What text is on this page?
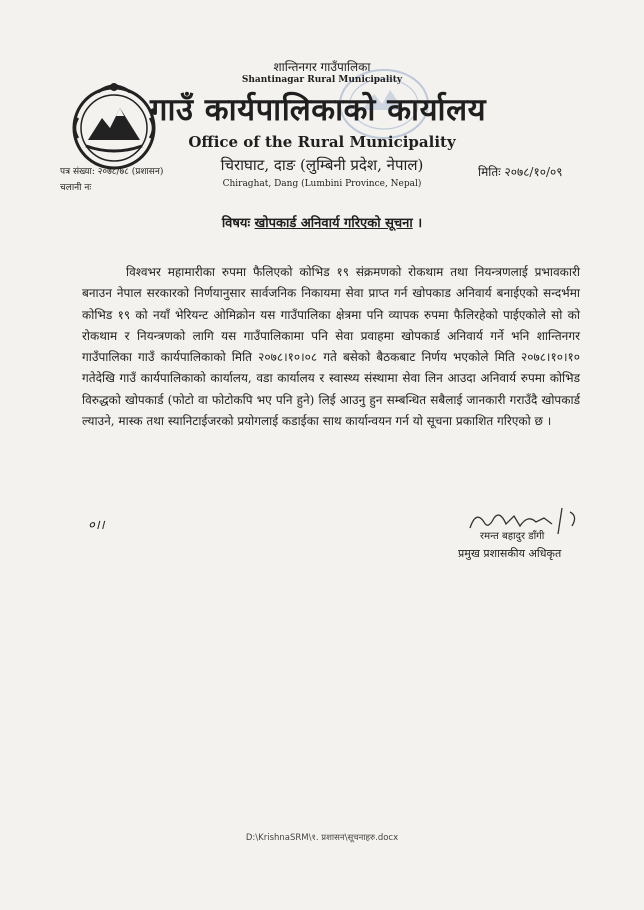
शान्तिनगर गाउँपालिका
Shantinagar Rural Municipality
गाउँ कार्यपालिकाको कार्यालय
Office of the Rural Municipality
चिराघाट, दाङ (लुम्बिनी प्रदेश, नेपाल)
Chiraghat, Dang (Lumbini Province, Nepal)
पत्र संख्या: २०७८/७८ (प्रशासन)
चलानी नः
मितिः २०७८/१०/०९
विषयः खोपकार्ड अनिवार्य गरिएको सूचना ।

विश्वभर महामारीका रुपमा फैलिएको कोभिड १९ संक्रमणको रोकथाम तथा नियन्त्रणलाई प्रभावकारी बनाउन नेपाल सरकारको निर्णयानुसार सार्वजनिक निकायमा सेवा प्राप्त गर्न खोपकाड अनिवार्य बनाईएको सन्दर्भमा कोभिड १९ को नयाँ भेरियन्ट ओमिक्रोन यस गाउँपालिका क्षेत्रमा पनि व्यापक रुपमा फैलिरहेको पाईएकोले सो को रोकथाम र नियन्त्रणको लागि यस गाउँपालिकामा पनि सेवा प्रवाहमा खोपकार्ड अनिवार्य गर्ने भनि शान्तिनगर गाउँपालिका गाउँ कार्यपालिकाको मिति २०७८।१०।०८ गते बसेको बैठकबाट निर्णय भएकोले मिति २०७८।१०।१० गतेदेखि गाउँ कार्यपालिकाको कार्यालय, वडा कार्यालय र स्वास्थ्य संस्थामा सेवा लिन आउदा अनिवार्य रुपमा कोभिड विरुद्धको खोपकार्ड (फोटो वा फोटोकपि भए पनि हुने) लिई आउनु हुन सम्बन्धित सबैलाई जानकारी गराउँदै खोपकार्ड ल्याउने, मास्क तथा स्यानिटाईजरको प्रयोगलाई कडाईका साथ कार्यान्वयन गर्न यो सूचना प्रकाशित गरिएको छ ।

०।।
रमन्त बहादुर डाँगी
प्रमुख प्रशासकीय अधिकृत
D:\KrishnaSRM\१. प्रशासन\सूचनाहरु.docx
